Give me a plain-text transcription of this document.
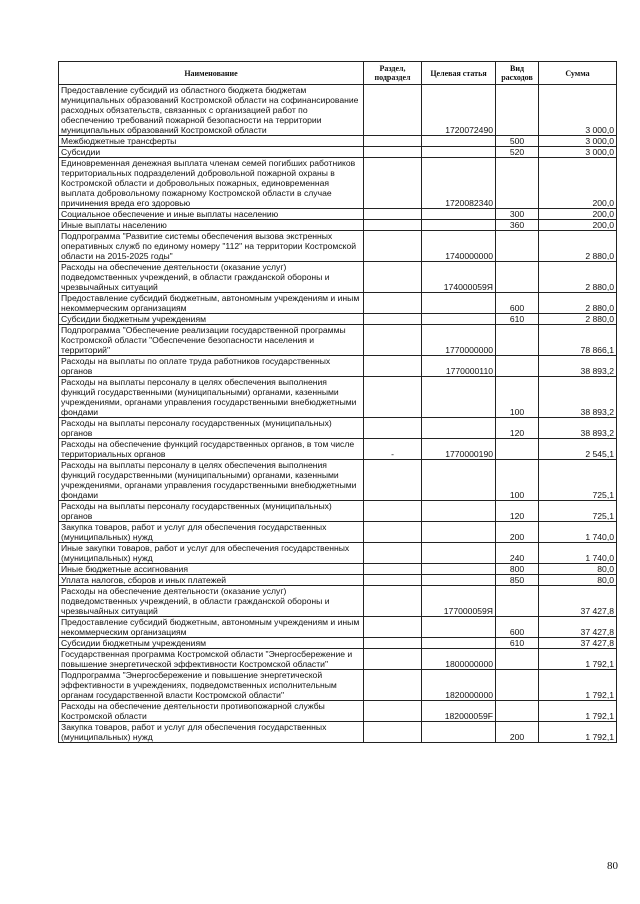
Наименование	Раздел, подраздел	Целевая статья	Вид расходов	Сумма
Предоставление субсидий из областного бюджета бюджетам муниципальных образований Костромской области на софинансирование расходных обязательств, связанных с организацией работ по обеспечению требований пожарной безопасности на территории муниципальных образований Костромской области		1720072490		3 000,0
Межбюджетные трансферты			500	3 000,0
Субсидии			520	3 000,0
Единовременная денежная выплата членам семей погибших работников территориальных подразделений добровольной пожарной охраны в Костромской области и добровольных пожарных, единовременная выплата добровольному пожарному Костромской области в случае причинения вреда его здоровью		1720082340		200,0
Социальное обеспечение и иные выплаты населению			300	200,0
Иные выплаты населению			360	200,0
Подпрограмма "Развитие системы обеспечения вызова экстренных оперативных служб по единому номеру "112" на территории Костромской области на 2015-2025 годы"		1740000000		2 880,0
Расходы на обеспечение деятельности (оказание услуг) подведомственных учреждений, в области гражданской обороны и чрезвычайных ситуаций		174000059Я		2 880,0
Предоставление субсидий бюджетным, автономным учреждениям и иным некоммерческим организациям			600	2 880,0
Субсидии бюджетным учреждениям			610	2 880,0
Подпрограмма "Обеспечение реализации государственной программы Костромской области "Обеспечение безопасности населения и территорий"		1770000000		78 866,1
Расходы на выплаты по оплате труда работников государственных органов		1770000110		38 893,2
Расходы на выплаты персоналу в целях обеспечения выполнения функций государственными (муниципальными) органами, казенными учреждениями, органами управления государственными внебюджетными фондами			100	38 893,2
Расходы на выплаты персоналу государственных (муниципальных) органов			120	38 893,2
Расходы на обеспечение функций государственных органов, в том числе территориальных органов	-	1770000190		2 545,1
Расходы на выплаты персоналу в целях обеспечения выполнения функций государственными (муниципальными) органами, казенными учреждениями, органами управления государственными внебюджетными фондами			100	725,1
Расходы на выплаты персоналу государственных (муниципальных) органов			120	725,1
Закупка товаров, работ и услуг для обеспечения государственных (муниципальных) нужд			200	1 740,0
Иные закупки товаров, работ и услуг для обеспечения государственных (муниципальных) нужд			240	1 740,0
Иные бюджетные ассигнования			800	80,0
Уплата налогов, сборов и иных платежей			850	80,0
Расходы на обеспечение деятельности (оказание услуг) подведомственных учреждений, в области гражданской обороны и чрезвычайных ситуаций		177000059Я		37 427,8
Предоставление субсидий бюджетным, автономным учреждениям и иным некоммерческим организациям			600	37 427,8
Субсидии бюджетным учреждениям			610	37 427,8
Государственная программа Костромской области "Энергосбережение и повышение энергетической эффективности Костромской области"		1800000000		1 792,1
Подпрограмма "Энергосбережение и повышение энергетической эффективности в учреждениях, подведомственных исполнительным органам государственной власти Костромской области"		1820000000		1 792,1
Расходы на обеспечение деятельности противопожарной службы Костромской области		182000059F		1 792,1
Закупка товаров, работ и услуг для обеспечения государственных (муниципальных) нужд			200	1 792,1
80
